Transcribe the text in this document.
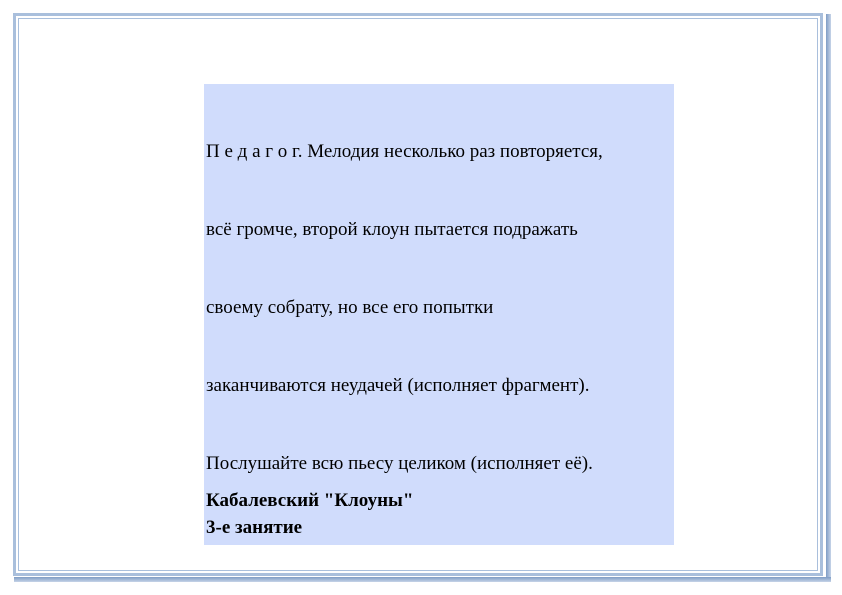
П е д а г о г. Мелодия несколько раз повторяется,

всё громче, второй клоун пытается подражать

своему собрату, но все его попытки

заканчиваются неудачей (исполняет фрагмент).

Послушайте всю пьесу целиком (исполняет её).

Кабалевский "Клоуны"
3-е занятие
